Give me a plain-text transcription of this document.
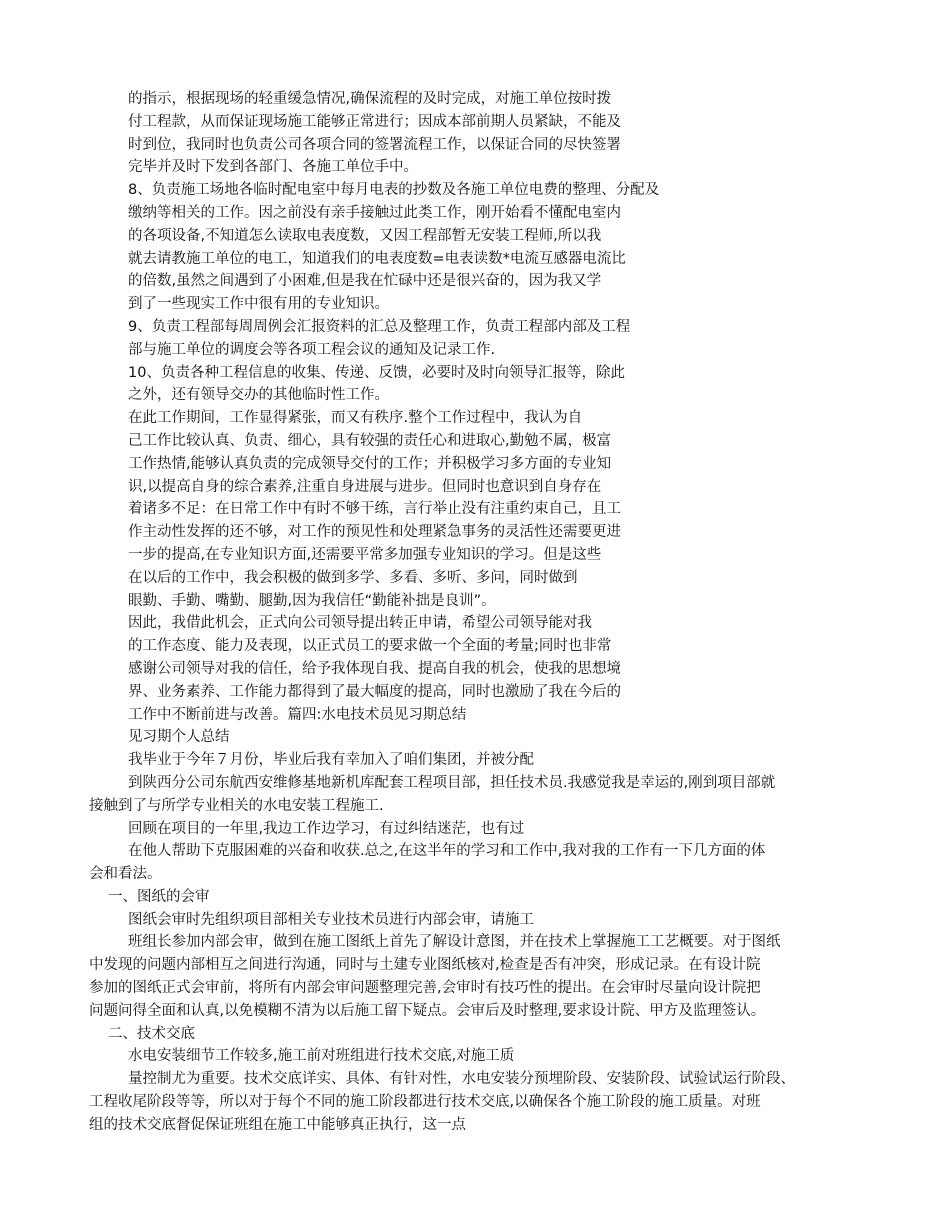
的指示，根据现场的轻重缓急情况,确保流程的及时完成，对施工单位按时拨
付工程款，从而保证现场施工能够正常进行；因成本部前期人员紧缺，不能及
时到位，我同时也负责公司各项合同的签署流程工作，以保证合同的尽快签署
完毕并及时下发到各部门、各施工单位手中。
8、负责施工场地各临时配电室中每月电表的抄数及各施工单位电费的整理、分配及
缴纳等相关的工作。因之前没有亲手接触过此类工作，刚开始看不懂配电室内
的各项设备,不知道怎么读取电表度数，又因工程部暂无安装工程师,所以我
就去请教施工单位的电工，知道我们的电表度数=电表读数*电流互感器电流比
的倍数,虽然之间遇到了小困难,但是我在忙碌中还是很兴奋的，因为我又学
到了一些现实工作中很有用的专业知识。
9、负责工程部每周周例会汇报资料的汇总及整理工作，负责工程部内部及工程
部与施工单位的调度会等各项工程会议的通知及记录工作.
10、负责各种工程信息的收集、传递、反馈，必要时及时向领导汇报等，除此
之外，还有领导交办的其他临时性工作。
在此工作期间，工作显得紧张，而又有秩序.整个工作过程中，我认为自
己工作比较认真、负责、细心，具有较强的责任心和进取心,勤勉不属，极富
工作热情,能够认真负责的完成领导交付的工作；并积极学习多方面的专业知
识,以提高自身的综合素养,注重自身进展与进步。但同时也意识到自身存在
着诸多不足：在日常工作中有时不够干练，言行举止没有注重约束自己，且工
作主动性发挥的还不够，对工作的预见性和处理紧急事务的灵活性还需要更进
一步的提高,在专业知识方面,还需要平常多加强专业知识的学习。但是这些
在以后的工作中，我会积极的做到多学、多看、多听、多问，同时做到
眼勤、手勤、嘴勤、腿勤,因为我信任“勤能补拙是良训”。
因此，我借此机会，正式向公司领导提出转正申请，希望公司领导能对我
的工作态度、能力及表现，以正式员工的要求做一个全面的考量;同时也非常
感谢公司领导对我的信任，给予我体现自我、提高自我的机会，使我的思想境
界、业务素养、工作能力都得到了最大幅度的提高，同时也激励了我在今后的
工作中不断前进与改善。篇四:水电技术员见习期总结
见习期个人总结
我毕业于今年７月份，毕业后我有幸加入了咱们集团，并被分配
到陕西分公司东航西安维修基地新机库配套工程项目部，担任技术员.我感觉我是幸运的,刚到项目部就
接触到了与所学专业相关的水电安装工程施工.
回顾在项目的一年里,我边工作边学习，有过纠结迷茫，也有过
在他人帮助下克服困难的兴奋和收获.总之,在这半年的学习和工作中,我对我的工作有一下几方面的体
会和看法。
一、图纸的会审
图纸会审时先组织项目部相关专业技术员进行内部会审，请施工
班组长参加内部会审，做到在施工图纸上首先了解设计意图，并在技术上掌握施工工艺概要。对于图纸
中发现的问题内部相互之间进行沟通，同时与土建专业图纸核对,检查是否有冲突，形成记录。在有设计院
参加的图纸正式会审前，将所有内部会审问题整理完善,会审时有技巧性的提出。在会审时尽量向设计院把
问题问得全面和认真,以免模糊不清为以后施工留下疑点。会审后及时整理,要求设计院、甲方及监理签认。
二、技术交底
水电安装细节工作较多,施工前对班组进行技术交底,对施工质
量控制尤为重要。技术交底详实、具体、有针对性，水电安装分预埋阶段、安装阶段、试验试运行阶段、
工程收尾阶段等等，所以对于每个不同的施工阶段都进行技术交底,以确保各个施工阶段的施工质量。对班
组的技术交底督促保证班组在施工中能够真正执行，这一点
